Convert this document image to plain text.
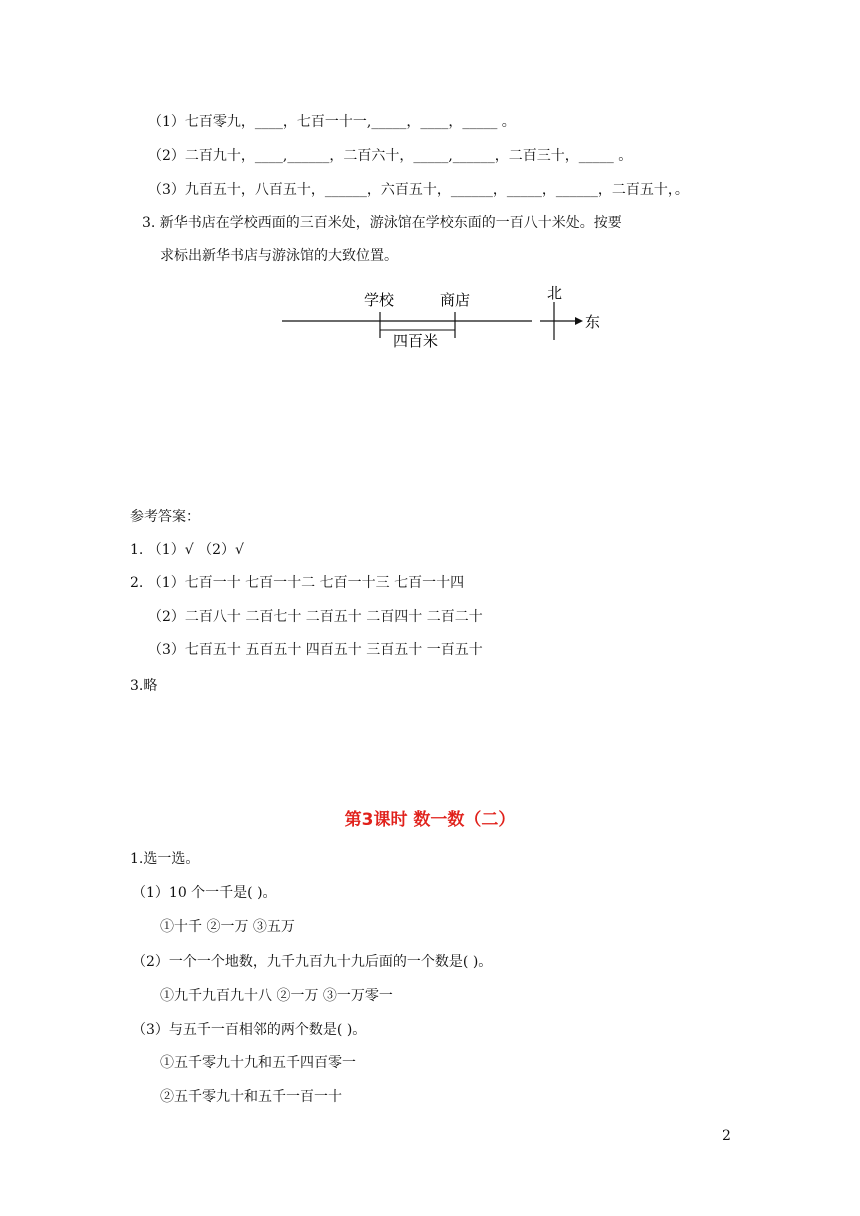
（1）七百零九，____，七百一十一,_____，____，_____ 。
（2）二百九十，____,______，二百六十，_____,______，二百三十，_____ 。
（3）九百五十，八百五十，______，六百五十，______，_____，______，二百五十，。
3. 新华书店在学校西面的三百米处，游泳馆在学校东面的一百八十米处。按要
求标出新华书店与游泳馆的大致位置。
学校	商店
四百米
北
东
参考答案：
1. （1）√ （2）√
2. （1）七百一十 七百一十二 七百一十三 七百一十四
（2）二百八十 二百七十 二百五十 二百四十 二百二十
（3）七百五十 五百五十 四百五十 三百五十 一百五十
3.略
第3课时 数一数（二）
1.选一选。
（1）10 个一千是( )。
①十千 ②一万 ③五万
（2）一个一个地数，九千九百九十九后面的一个数是( )。
①九千九百九十八 ②一万 ③一万零一
（3）与五千一百相邻的两个数是( )。
①五千零九十九和五千四百零一
②五千零九十和五千一百一十
2
